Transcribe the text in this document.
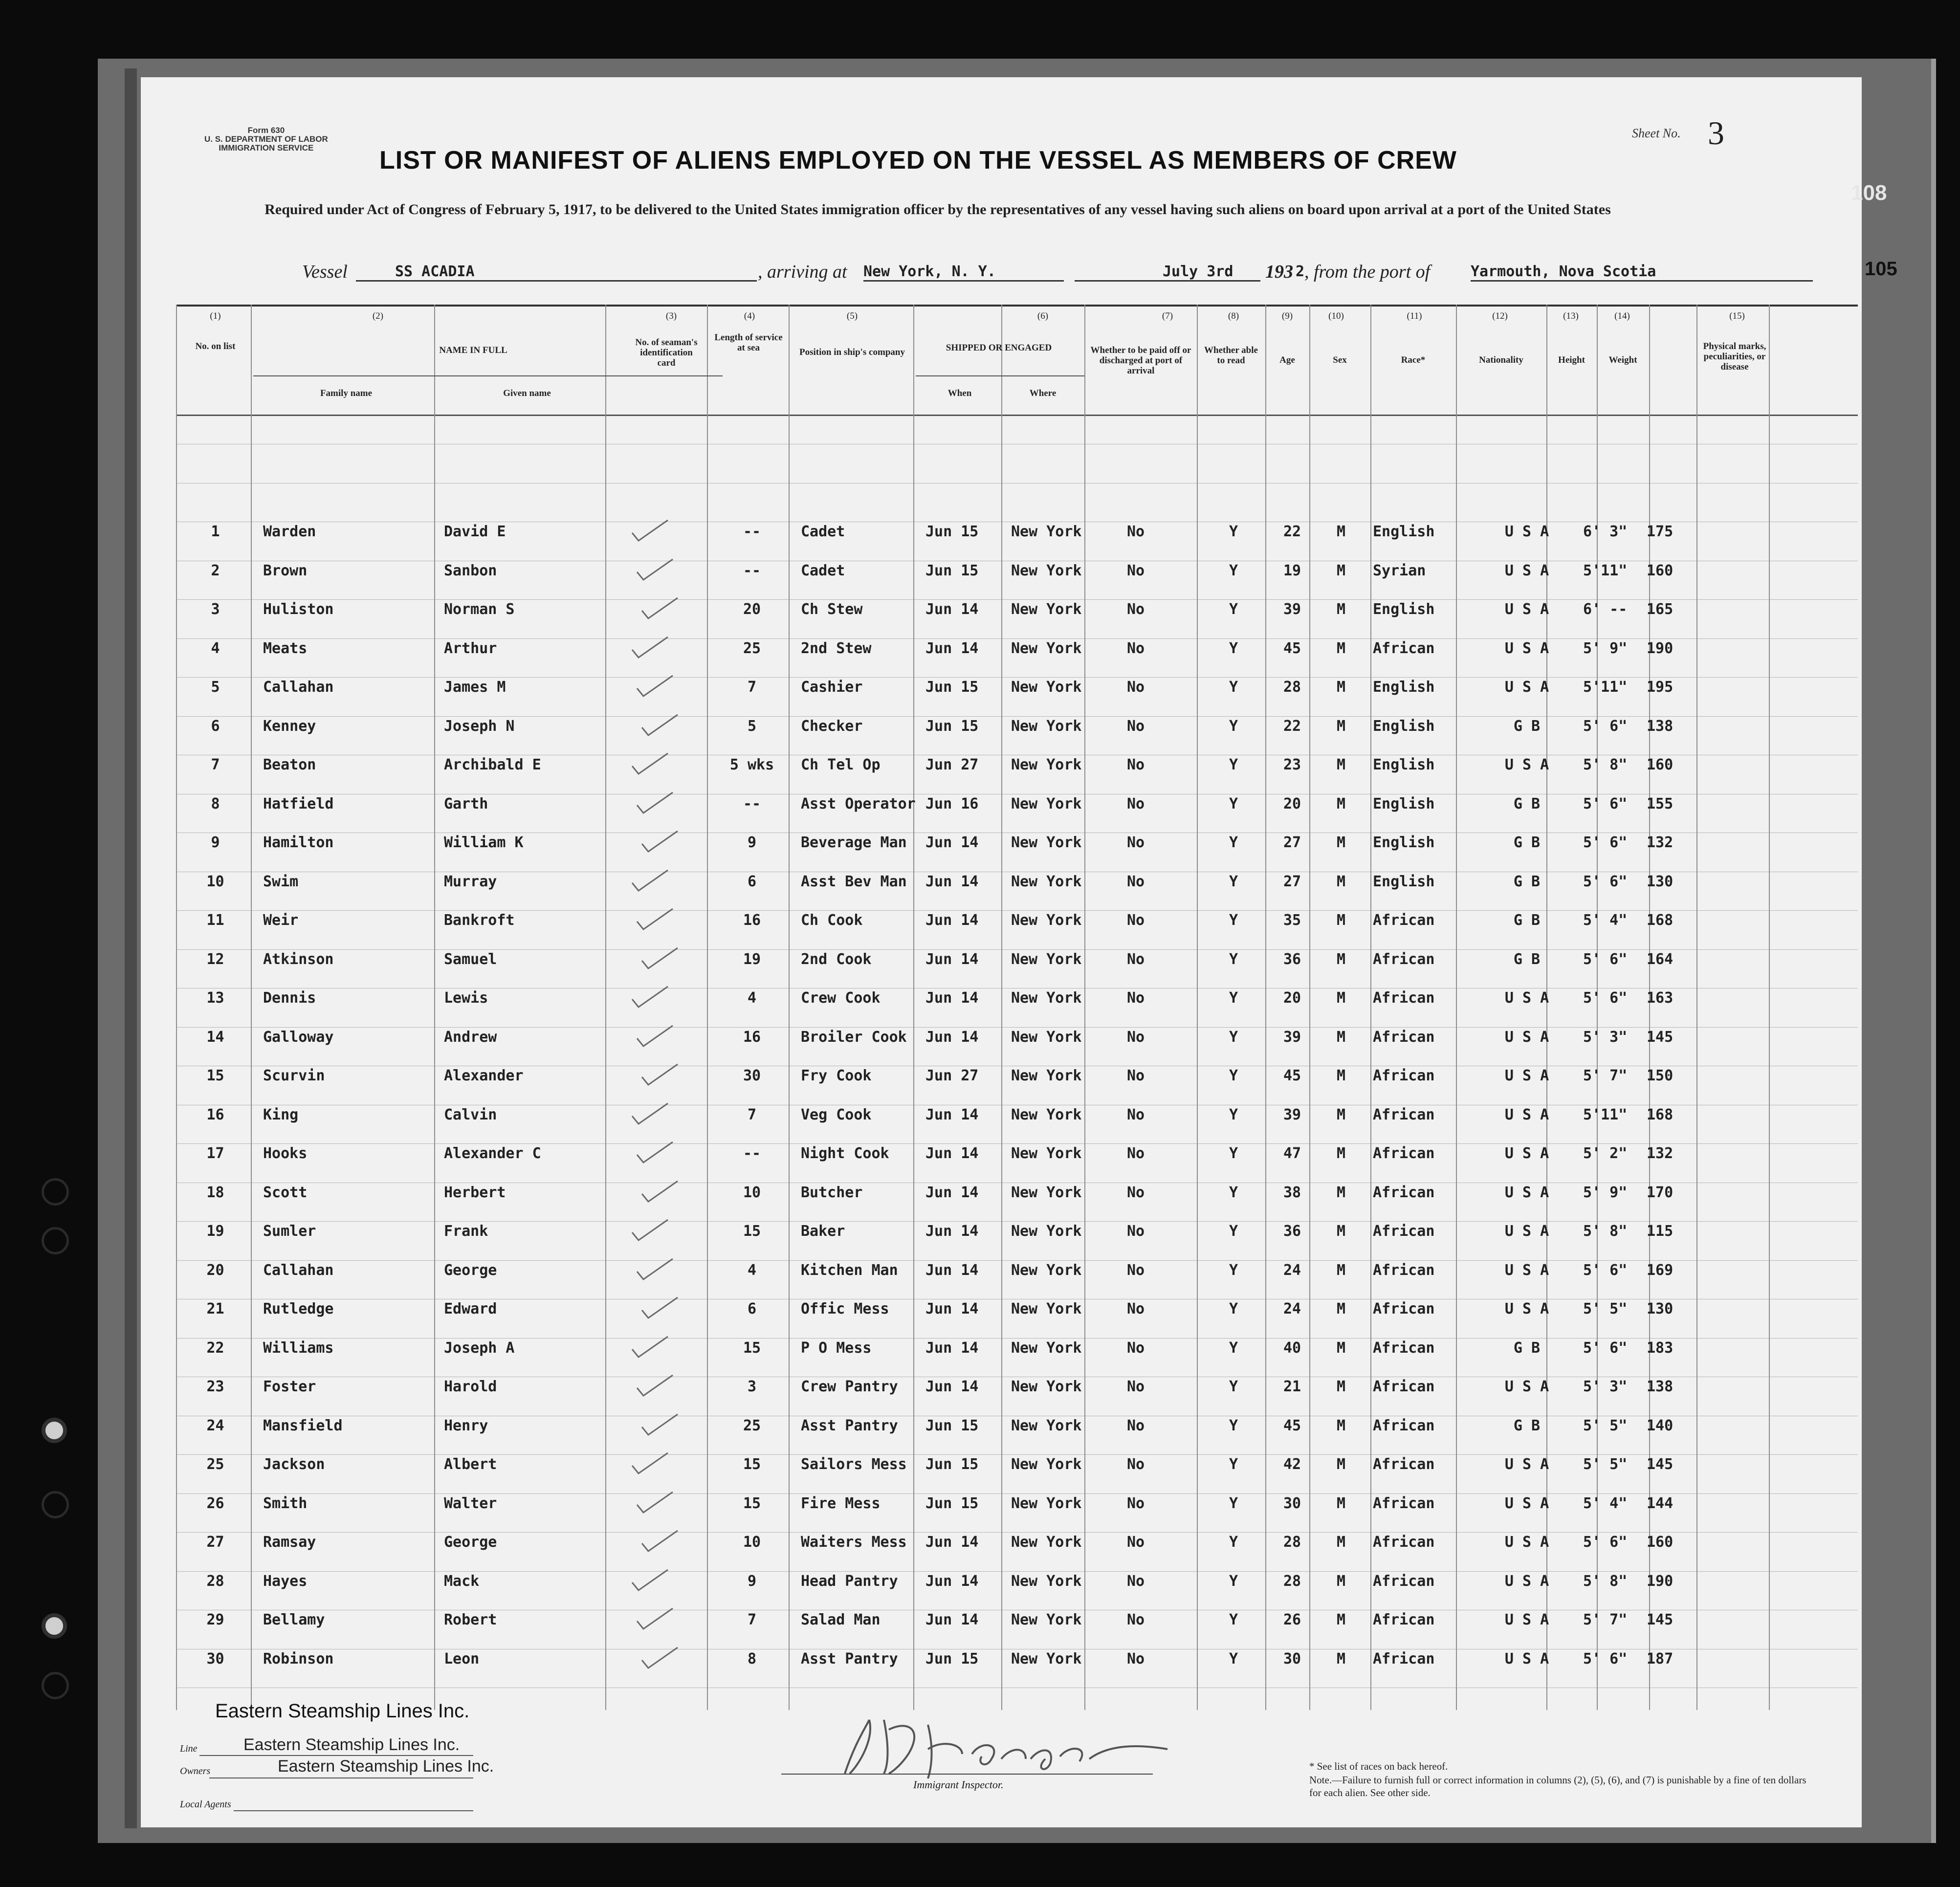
Form 630
U. S. DEPARTMENT OF LABOR
IMMIGRATION SERVICE
Sheet No. 3
LIST OR MANIFEST OF ALIENS EMPLOYED ON THE VESSEL AS MEMBERS OF CREW
Required under Act of Congress of February 5, 1917, to be delivered to the United States immigration officer by the representatives of any vessel having such aliens on board upon arrival at a port of the United States
105
Vessel	SS ACADIA	, arriving at New York, N. Y.	July 3rd	193 2 , from the port of	Yarmouth, Nova Scotia
(1)	(2)	(3)	(4)	(5)	(6)	(7)	(8)	(9)	(10)	(11)	(12)	(13)	(14)	(15)
No. on list	NAME IN FULL
Family name	Given name
No. of seaman's identification card
Length of service at sea	Position in ship's company	SHIPPED OR ENGAGED
When	Where
Whether to be paid off or discharged at port of arrival
Whether able to read	Age	Sex	Race*	Nationality	Height	Weight
Physical marks, peculiarities, or disease
1	Warden	David E	--	Cadet	Jun 15	New York	No	Y	22	M	English	U S A	6' 3"	175
2	Brown	Sanbon	--	Cadet	Jun 15	New York	No	Y	19	M	Syrian	U S A	5'11"	160
3	Huliston	Norman S	20	Ch Stew	Jun 14	New York	No	Y	39	M	English	U S A	6' --	165
4	Meats	Arthur	25	2nd Stew	Jun 14	New York	No	Y	45	M	African	U S A	5' 9"	190
5	Callahan	James M	7	Cashier	Jun 15	New York	No	Y	28	M	English	U S A	5'11"	195
6	Kenney	Joseph N	5	Checker	Jun 15	New York	No	Y	22	M	English	G B	5' 6"	138
7	Beaton	Archibald E	5 wks	Ch Tel Op	Jun 27	New York	No	Y	23	M	English	U S A	5' 8"	160
8	Hatfield	Garth	--	Asst Operator Jun 16	New York	No	Y	20	M	English	G B	5' 6"	155
9	Hamilton	William K	9	Beverage Man	Jun 14	New York	No	Y	27	M	English	G B	5' 6"	132
10	Swim	Murray	6	Asst Bev Man	Jun 14	New York	No	Y	27	M	English	G B	5' 6"	130
11	Weir	Bankroft	16	Ch Cook	Jun 14	New York	No	Y	35	M	African	G B	5' 4"	168
12	Atkinson	Samuel	19	2nd Cook	Jun 14	New York	No	Y	36	M	African	G B	5' 6"	164
13	Dennis	Lewis	4	Crew Cook	Jun 14	New York	No	Y	20	M	African	U S A	5' 6"	163
14	Galloway	Andrew	16	Broiler Cook	Jun 14	New York	No	Y	39	M	African	U S A	5' 3"	145
15	Scurvin	Alexander	30	Fry Cook	Jun 27	New York	No	Y	45	M	African	U S A	5' 7"	150
16	King	Calvin	7	Veg Cook	Jun 14	New York	No	Y	39	M	African	U S A	5'11"	168
17	Hooks	Alexander C	--	Night Cook	Jun 14	New York	No	Y	47	M	African	U S A	5' 2"	132
18	Scott	Herbert	10	Butcher	Jun 14	New York	No	Y	38	M	African	U S A	5' 9"	170
19	Sumler	Frank	15	Baker	Jun 14	New York	No	Y	36	M	African	U S A	5' 8"	115
20	Callahan	George	4	Kitchen Man	Jun 14	New York	No	Y	24	M	African	U S A	5' 6"	169
21	Rutledge	Edward	6	Offic Mess	Jun 14	New York	No	Y	24	M	African	U S A	5' 5"	130
22	Williams	Joseph A	15	P O Mess	Jun 14	New York	No	Y	40	M	African	G B	5' 6"	183
23	Foster	Harold	3	Crew Pantry	Jun 14	New York	No	Y	21	M	African	U S A	5' 3"	138
24	Mansfield	Henry	25	Asst Pantry	Jun 15	New York	No	Y	45	M	African	G B	5' 5"	140
25	Jackson	Albert	15	Sailors Mess	Jun 15	New York	No	Y	42	M	African	U S A	5' 5"	145
26	Smith	Walter	15	Fire Mess	Jun 15	New York	No	Y	30	M	African	U S A	5' 4"	144
27	Ramsay	George	10	Waiters Mess	Jun 14	New York	No	Y	28	M	African	U S A	5' 6"	160
28	Hayes	Mack	9	Head Pantry	Jun 14	New York	No	Y	28	M	African	U S A	5' 8"	190
29	Bellamy	Robert	7	Salad Man	Jun 14	New York	No	Y	26	M	African	U S A	5' 7"	145
30	Robinson	Leon	8	Asst Pantry	Jun 15	New York	No	Y	30	M	African	U S A	5' 6"	187
Eastern Steamship Lines Inc.
Line	Eastern Steamship Lines Inc.
Owners	Eastern Steamship Lines Inc.
Local Agents
Immigrant Inspector.
* See list of races on back hereof.
Note.—Failure to furnish full or correct information in columns (2), (5), (6), and (7) is punishable by a fine of ten dollars for each alien. See other side.
108
